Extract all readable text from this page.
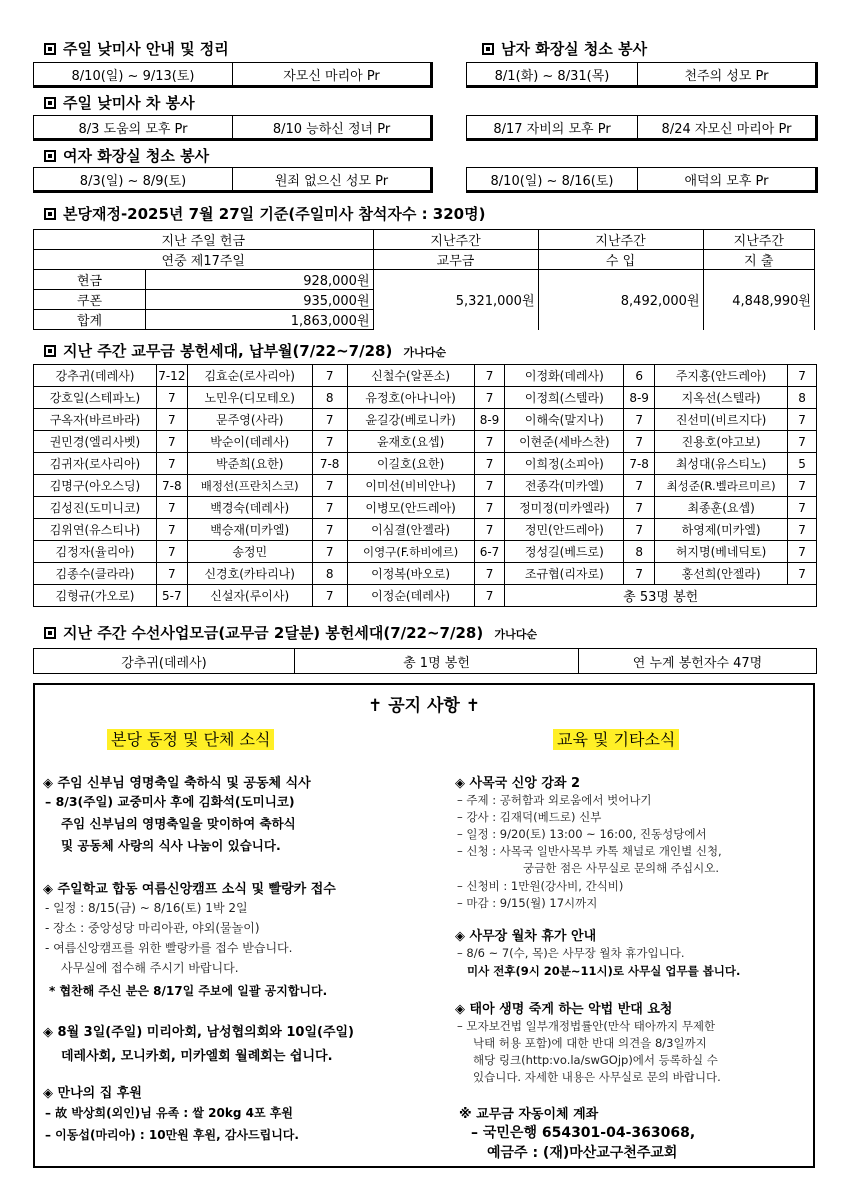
주일 낮미사 안내 및 정리	남자 화장실 청소 봉사
8/10(일) ~ 9/13(토)	자모신 마리아 Pr	8/1(화) ~ 8/31(목)	천주의 성모 Pr
주일 낮미사 차 봉사
8/3 도움의 모후 Pr	8/10 능하신 정녀 Pr	8/17 자비의 모후 Pr	8/24 자모신 마리아 Pr
여자 화장실 청소 봉사
8/3(일) ~ 8/9(토)	원죄 없으신 성모 Pr	8/10(일) ~ 8/16(토)	애덕의 모후 Pr
본당재정-2025년 7월 27일 기준(주일미사 참석자수 : 320명)
지난 주일 헌금		지난주간	지난주간	지난주간
연중 제17주일		교무금	수 입	지 출
현금	928,000원	5,321,000원	8,492,000원	4,848,990원
쿠폰	935,000원			
합계	1,863,000원			
지난 주간 교무금 봉헌세대, 납부월(7/22~7/28) 가나다순
강추귀(데레사)	7-12	김효순(로사리아)	7	신철수(알폰소)	7	이정화(데레사)	6	주지홍(안드레아)	7
강호일(스테파노)	7	노민우(디모테오)	8	유정호(아나니아)	7	이정희(스텔라)	8-9	지옥선(스텔라)	8
구옥자(바르바라)	7	문주영(사라)	7	윤길강(베로니카)	8-9	이해숙(말지나)	7	진선미(비르지다)	7
권민경(엘리사벳)	7	박순이(데레사)	7	윤재호(요셉)	7	이현준(세바스찬)	7	진용호(야고보)	7
김귀자(로사리아)	7	박준희(요한)	7-8	이길호(요한)	7	이희정(소피아)	7-8	최성대(유스티노)	5
김명구(아오스딩)	7-8	배정선(프란치스코)	7	이미선(비비안나)	7	전종각(미카엘)	7	최성준(R.벨라르미르)	7
김성진(도미니코)	7	백경숙(데레사)	7	이병모(안드레아)	7	정미정(미카엘라)	7	최종훈(요셉)	7
김위연(유스티나)	7	백승재(미카엘)	7	이심결(안젤라)	7	정민(안드레아)	7	하영제(미카엘)	7
김정자(율리아)	7	송정민	7	이영구(F.하비에르)	6-7	정성길(베드로)	8	허지명(베네딕토)	7
김종수(클라라)	7	신경호(카타리나)	8	이정복(바오로)	7	조규협(리자로)	7	홍선희(안젤라)	7
김형규(가오로)	5-7	신설자(루이사)	7	이정순(데레사)	7	총 53명 봉헌			
지난 주간 수선사업모금(교무금 2달분) 봉헌세대(7/22~7/28) 가나다순
강추귀(데레사)	총 1명 봉헌	연 누계 봉헌자수 47명
✝ 공지 사항 ✝
본당 동정 및 단체 소식	교육 및 기타소식
◈ 주임 신부님 영명축일 축하식 및 공동체 식사
– 8/3(주일) 교중미사 후에 김화석(도미니코)
주임 신부님의 영명축일을 맞이하여 축하식
및 공동체 사랑의 식사 나눔이 있습니다.
◈ 주일학교 합동 여름신앙캠프 소식 및 빨랑카 접수
- 일정 : 8/15(금) ~ 8/16(토) 1박 2일
- 장소 : 중앙성당 마리아관, 야외(물놀이)
- 여름신앙캠프를 위한 빨랑카를 접수 받습니다.
사무실에 접수해 주시기 바랍니다.
* 협찬해 주신 분은 8/17일 주보에 일괄 공지합니다.
◈ 8월 3일(주일) 미리아회, 남성협의회와 10일(주일)
데레사회, 모니카회, 미카엘회 월례회는 쉽니다.
◈ 만나의 집 후원
– 故 박상희(외인)님 유족 : 쌀 20kg 4포 후원
– 이동섭(마리아) : 10만원 후원, 감사드립니다.
◈ 사목국 신앙 강좌 2
– 주제 : 공허함과 외로움에서 벗어나기
– 강사 : 김재덕(베드로) 신부
– 일정 : 9/20(토) 13:00 ~ 16:00, 진동성당에서
– 신청 : 사목국 일반사목부 카톡 채널로 개인별 신청,
궁금한 점은 사무실로 문의해 주십시오.
– 신청비 : 1만원(강사비, 간식비)
– 마감 : 9/15(월) 17시까지
◈ 사무장 월차 휴가 안내
– 8/6 ~ 7(수, 목)은 사무장 월차 휴가입니다.
미사 전후(9시 20분~11시)로 사무실 업무를 봅니다.
◈ 태아 생명 죽게 하는 악법 반대 요청
– 모자보건법 일부개정법률안(만삭 태아까지 무제한
낙태 허용 포함)에 대한 반대 의견을 8/3일까지
해당 링크(http:vo.la/swGOjp)에서 등록하실 수
있습니다. 자세한 내용은 사무실로 문의 바랍니다.
※ 교무금 자동이체 계좌
– 국민은행 654301-04-363068,
예금주 : (재)마산교구천주교회
